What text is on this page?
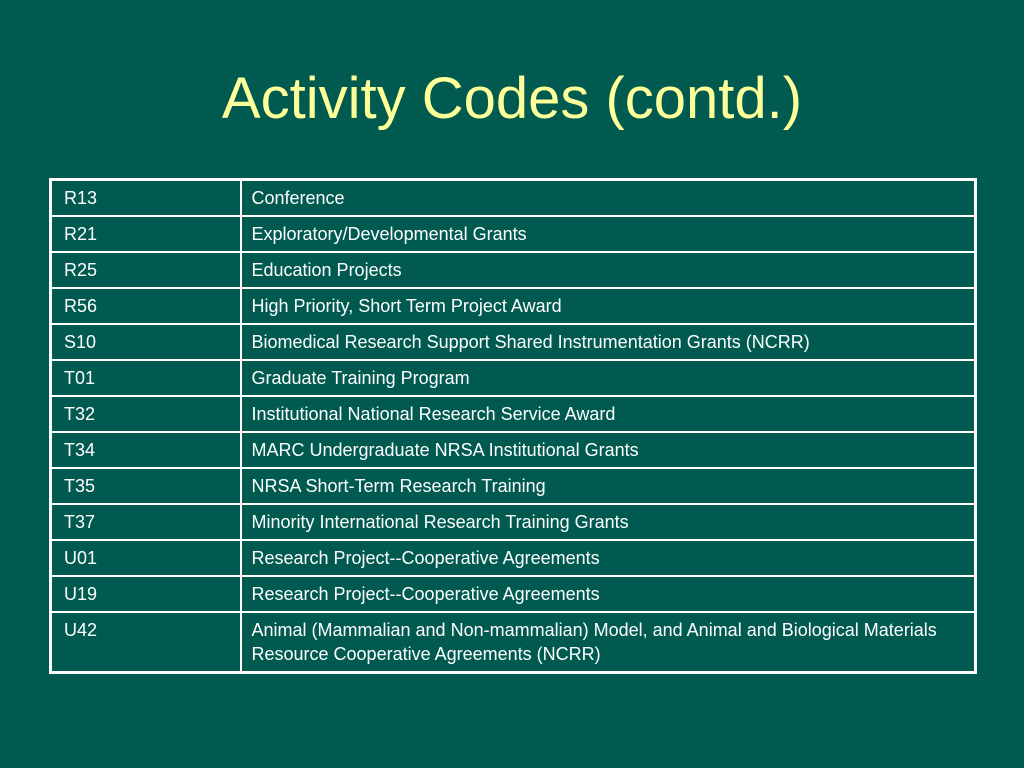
Activity Codes (contd.)
R13	Conference
R21	Exploratory/Developmental Grants
R25	Education Projects
R56	High Priority, Short Term Project Award
S10	Biomedical Research Support Shared Instrumentation Grants (NCRR)
T01	Graduate Training Program
T32	Institutional National Research Service Award
T34	MARC Undergraduate NRSA Institutional Grants
T35	NRSA Short-Term Research Training
T37	Minority International Research Training Grants
U01	Research Project--Cooperative Agreements
U19	Research Project--Cooperative Agreements
U42	Animal (Mammalian and Non-mammalian) Model, and Animal and Biological Materials Resource Cooperative Agreements (NCRR)
